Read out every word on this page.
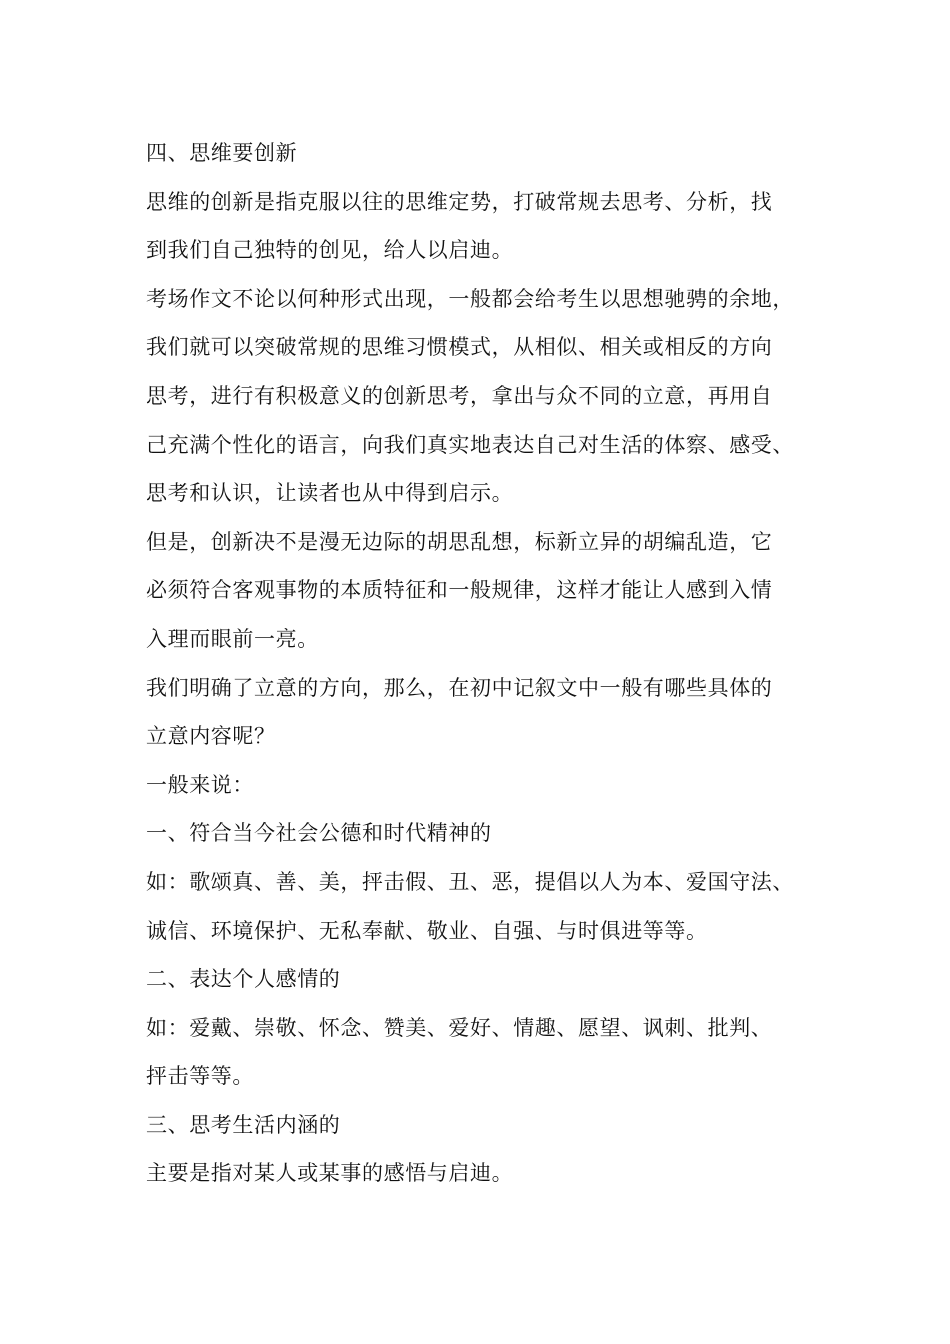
四、思维要创新
思维的创新是指克服以往的思维定势，打破常规去思考、分析，找
到我们自己独特的创见，给人以启迪。
考场作文不论以何种形式出现，一般都会给考生以思想驰骋的余地，
我们就可以突破常规的思维习惯模式，从相似、相关或相反的方向
思考，进行有积极意义的创新思考，拿出与众不同的立意，再用自
己充满个性化的语言，向我们真实地表达自己对生活的体察、感受、
思考和认识，让读者也从中得到启示。
但是，创新决不是漫无边际的胡思乱想，标新立异的胡编乱造，它
必须符合客观事物的本质特征和一般规律，这样才能让人感到入情
入理而眼前一亮。
我们明确了立意的方向，那么，在初中记叙文中一般有哪些具体的
立意内容呢？
一般来说：
一、符合当今社会公德和时代精神的
如：歌颂真、善、美，抨击假、丑、恶，提倡以人为本、爱国守法、
诚信、环境保护、无私奉献、敬业、自强、与时俱进等等。
二、表达个人感情的
如：爱戴、崇敬、怀念、赞美、爱好、情趣、愿望、讽刺、批判、
抨击等等。
三、思考生活内涵的
主要是指对某人或某事的感悟与启迪。
